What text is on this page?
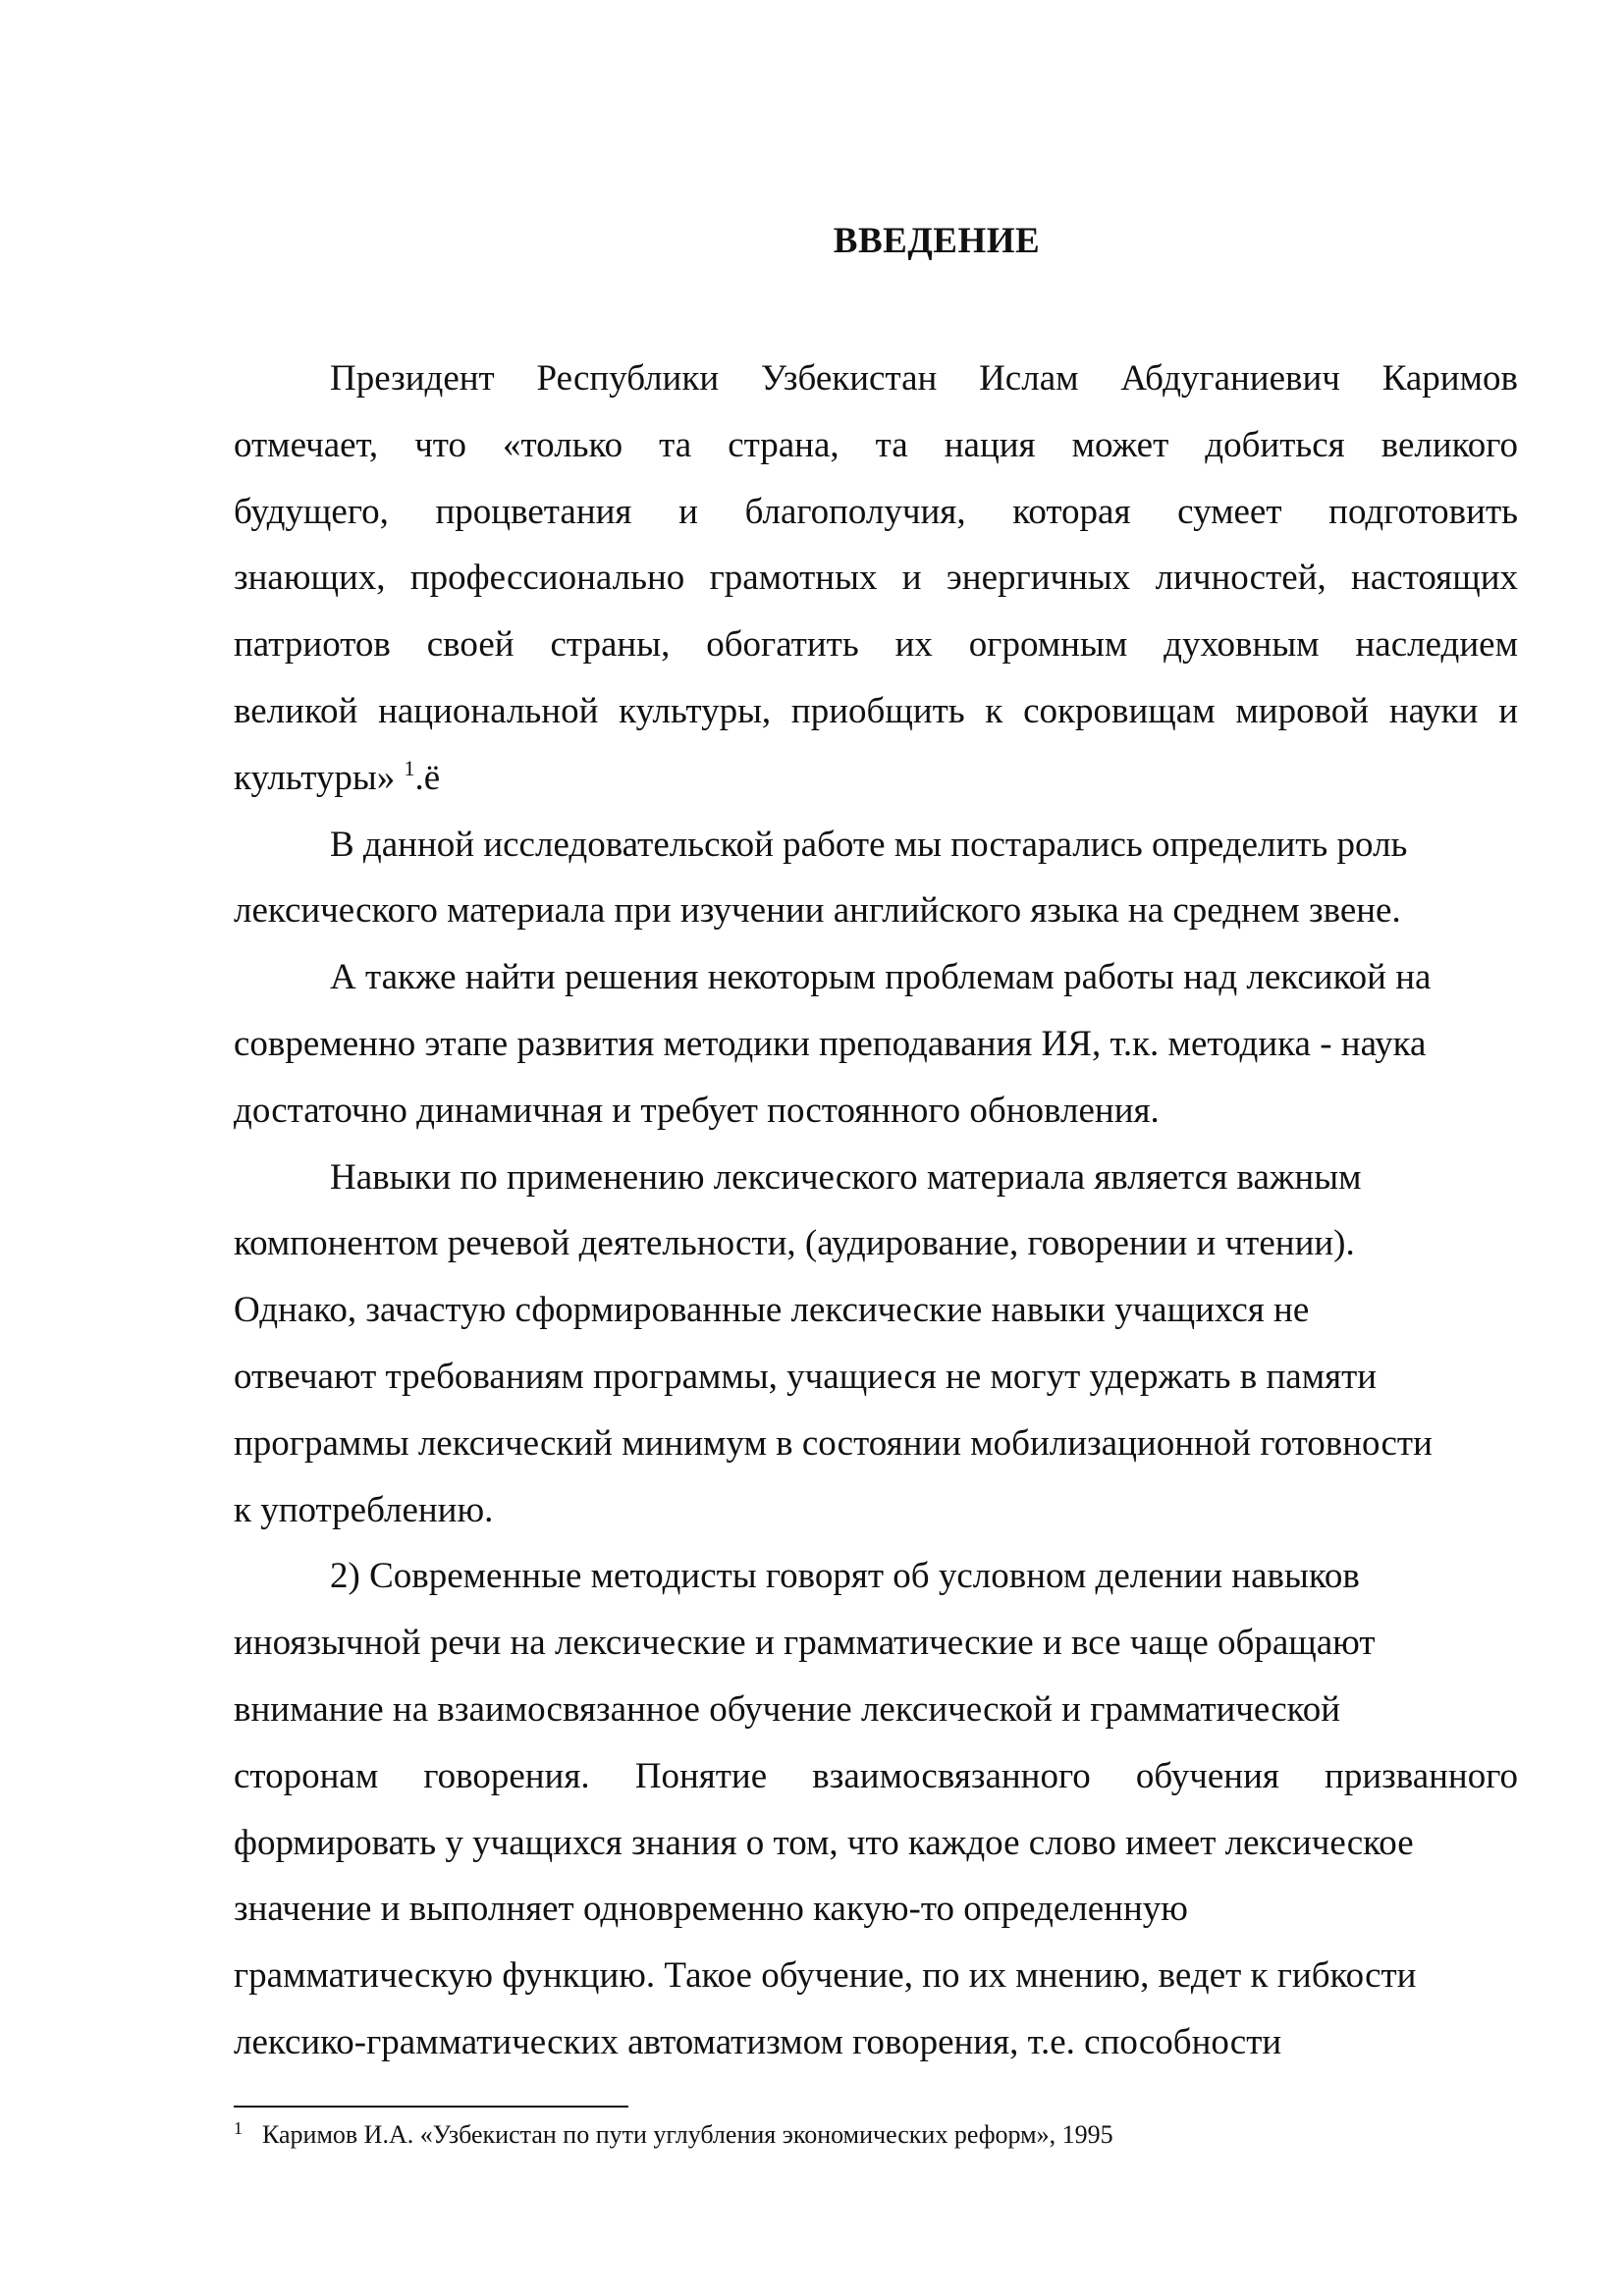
ВВЕДЕНИЕ
Президент Республики Узбекистан Ислам Абдуганиевич Каримов
отмечает, что «только та страна, та нация может добиться великого
будущего, процветания и благополучия, которая сумеет подготовить
знающих, профессионально грамотных и энергичных личностей, настоящих
патриотов своей страны, обогатить их огромным духовным наследием
великой национальной культуры, приобщить к сокровищам мировой науки и
культуры» $^1$.ё
В данной исследовательской работе мы постарались определить роль
лексического материала при изучении английского языка на среднем звене.
А также найти решения некоторым проблемам работы над лексикой на
современно этапе развития методики преподавания ИЯ, т.к. методика - наука
достаточно динамичная и требует постоянного обновления.
Навыки по применению лексического материала является важным
компонентом речевой деятельности, (аудирование, говорении и чтении).
Однако, зачастую сформированные лексические навыки учащихся не
отвечают требованиям программы, учащиеся не могут удержать в памяти
программы лексический минимум в состоянии мобилизационной готовности
к употреблению.
2) Современные методисты говорят об условном делении навыков
иноязычной речи на лексические и грамматические и все чаще обращают
внимание на взаимосвязанное обучение лексической и грамматической
сторонам говорения. Понятие взаимосвязанного обучения призванного
формировать у учащихся знания о том, что каждое слово имеет лексическое
значение и выполняет одновременно какую-то определенную
грамматическую функцию. Такое обучение, по их мнению, ведет к гибкости
лексико-грамматических автоматизмом говорения, т.е. способности
$^1$ Каримов И.А. «Узбекистан по пути углубления экономических реформ», 1995
